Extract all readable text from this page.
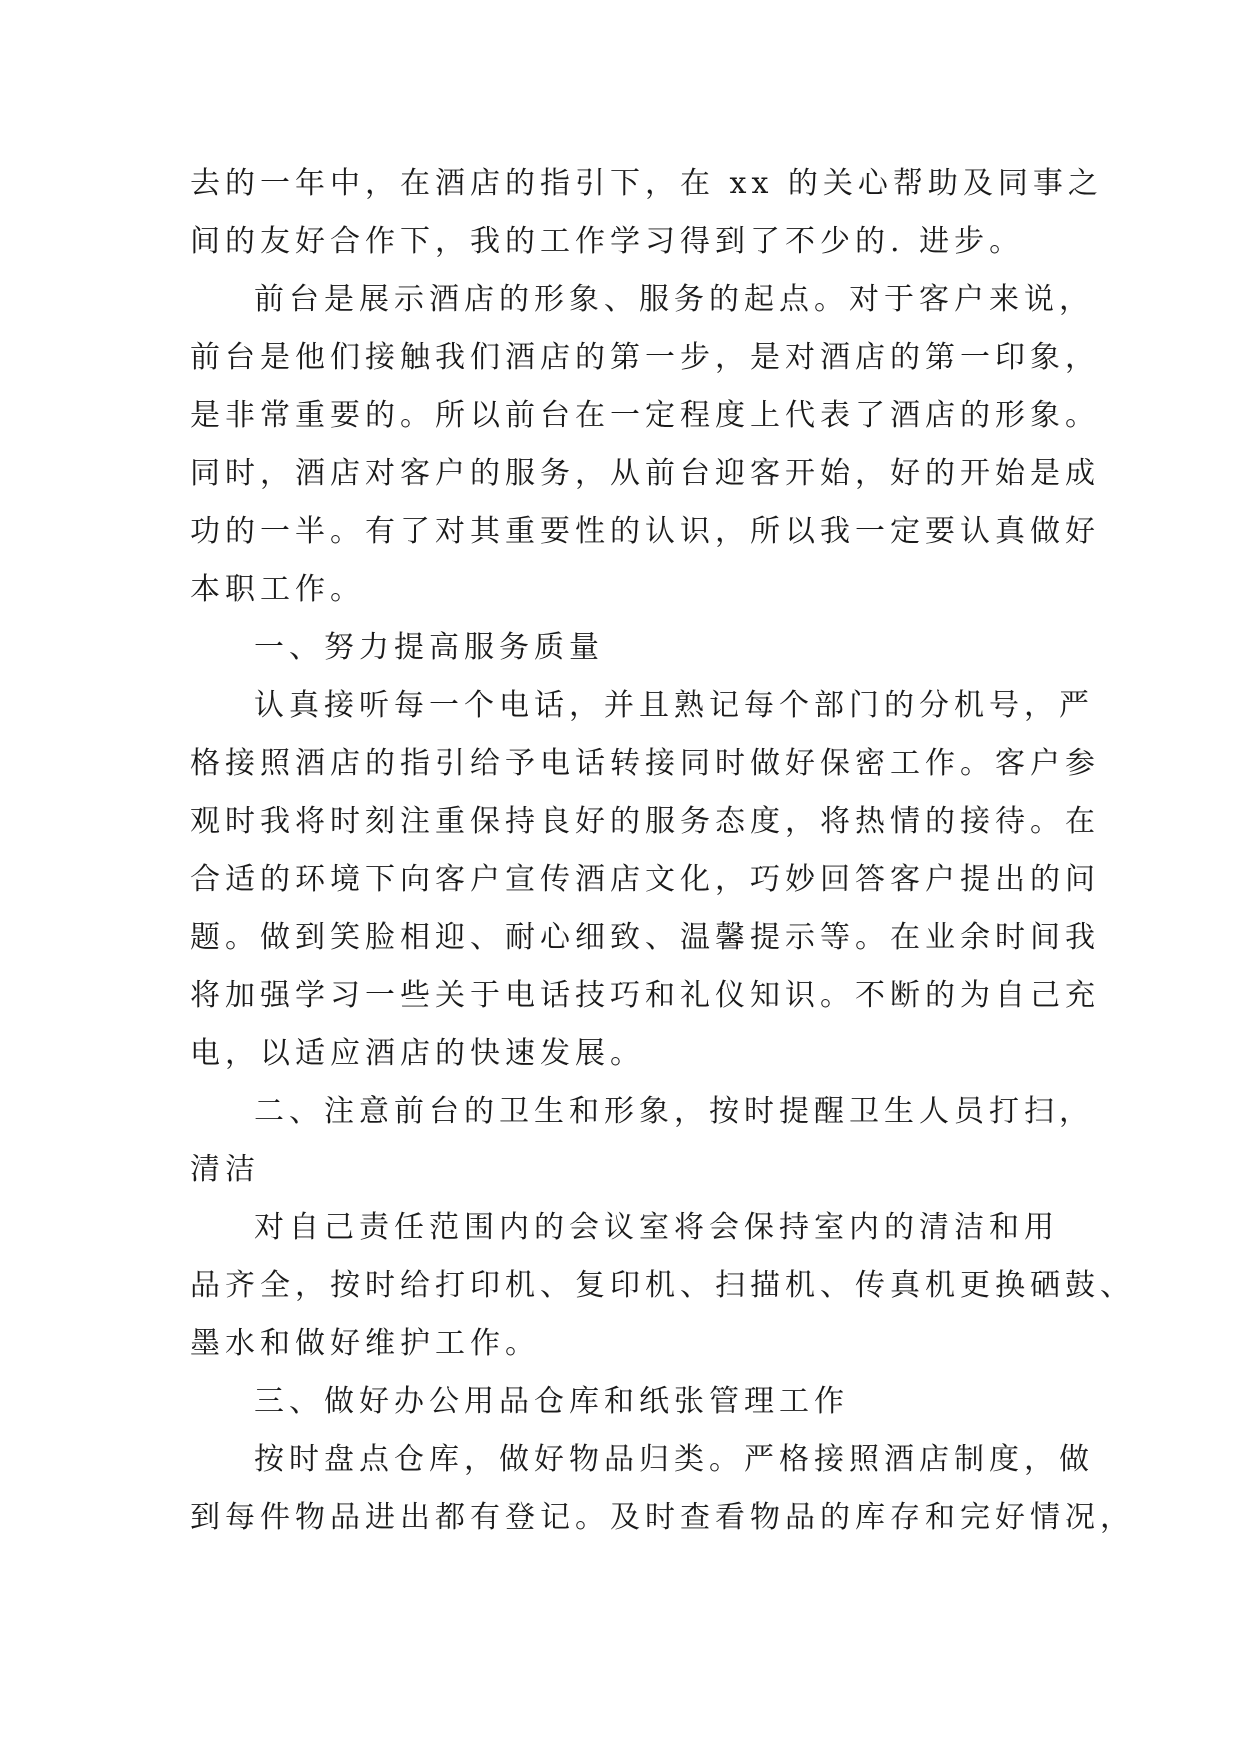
去的一年中，在酒店的指引下，在 xx 的关心帮助及同事之
间的友好合作下，我的工作学习得到了不少的. 进步。
前台是展示酒店的形象、服务的起点。对于客户来说，
前台是他们接触我们酒店的第一步，是对酒店的第一印象，
是非常重要的。所以前台在一定程度上代表了酒店的形象。
同时，酒店对客户的服务，从前台迎客开始，好的开始是成
功的一半。有了对其重要性的认识，所以我一定要认真做好
本职工作。
一、努力提高服务质量
认真接听每一个电话，并且熟记每个部门的分机号，严
格接照酒店的指引给予电话转接同时做好保密工作。客户参
观时我将时刻注重保持良好的服务态度，将热情的接待。在
合适的环境下向客户宣传酒店文化，巧妙回答客户提出的问
题。做到笑脸相迎、耐心细致、温馨提示等。在业余时间我
将加强学习一些关于电话技巧和礼仪知识。不断的为自己充
电，以适应酒店的快速发展。
二、注意前台的卫生和形象，按时提醒卫生人员打扫，
清洁
对自己责任范围内的会议室将会保持室内的清洁和用
品齐全，按时给打印机、复印机、扫描机、传真机更换硒鼓、
墨水和做好维护工作。
三、做好办公用品仓库和纸张管理工作
按时盘点仓库，做好物品归类。严格接照酒店制度，做
到每件物品进出都有登记。及时查看物品的库存和完好情况，
